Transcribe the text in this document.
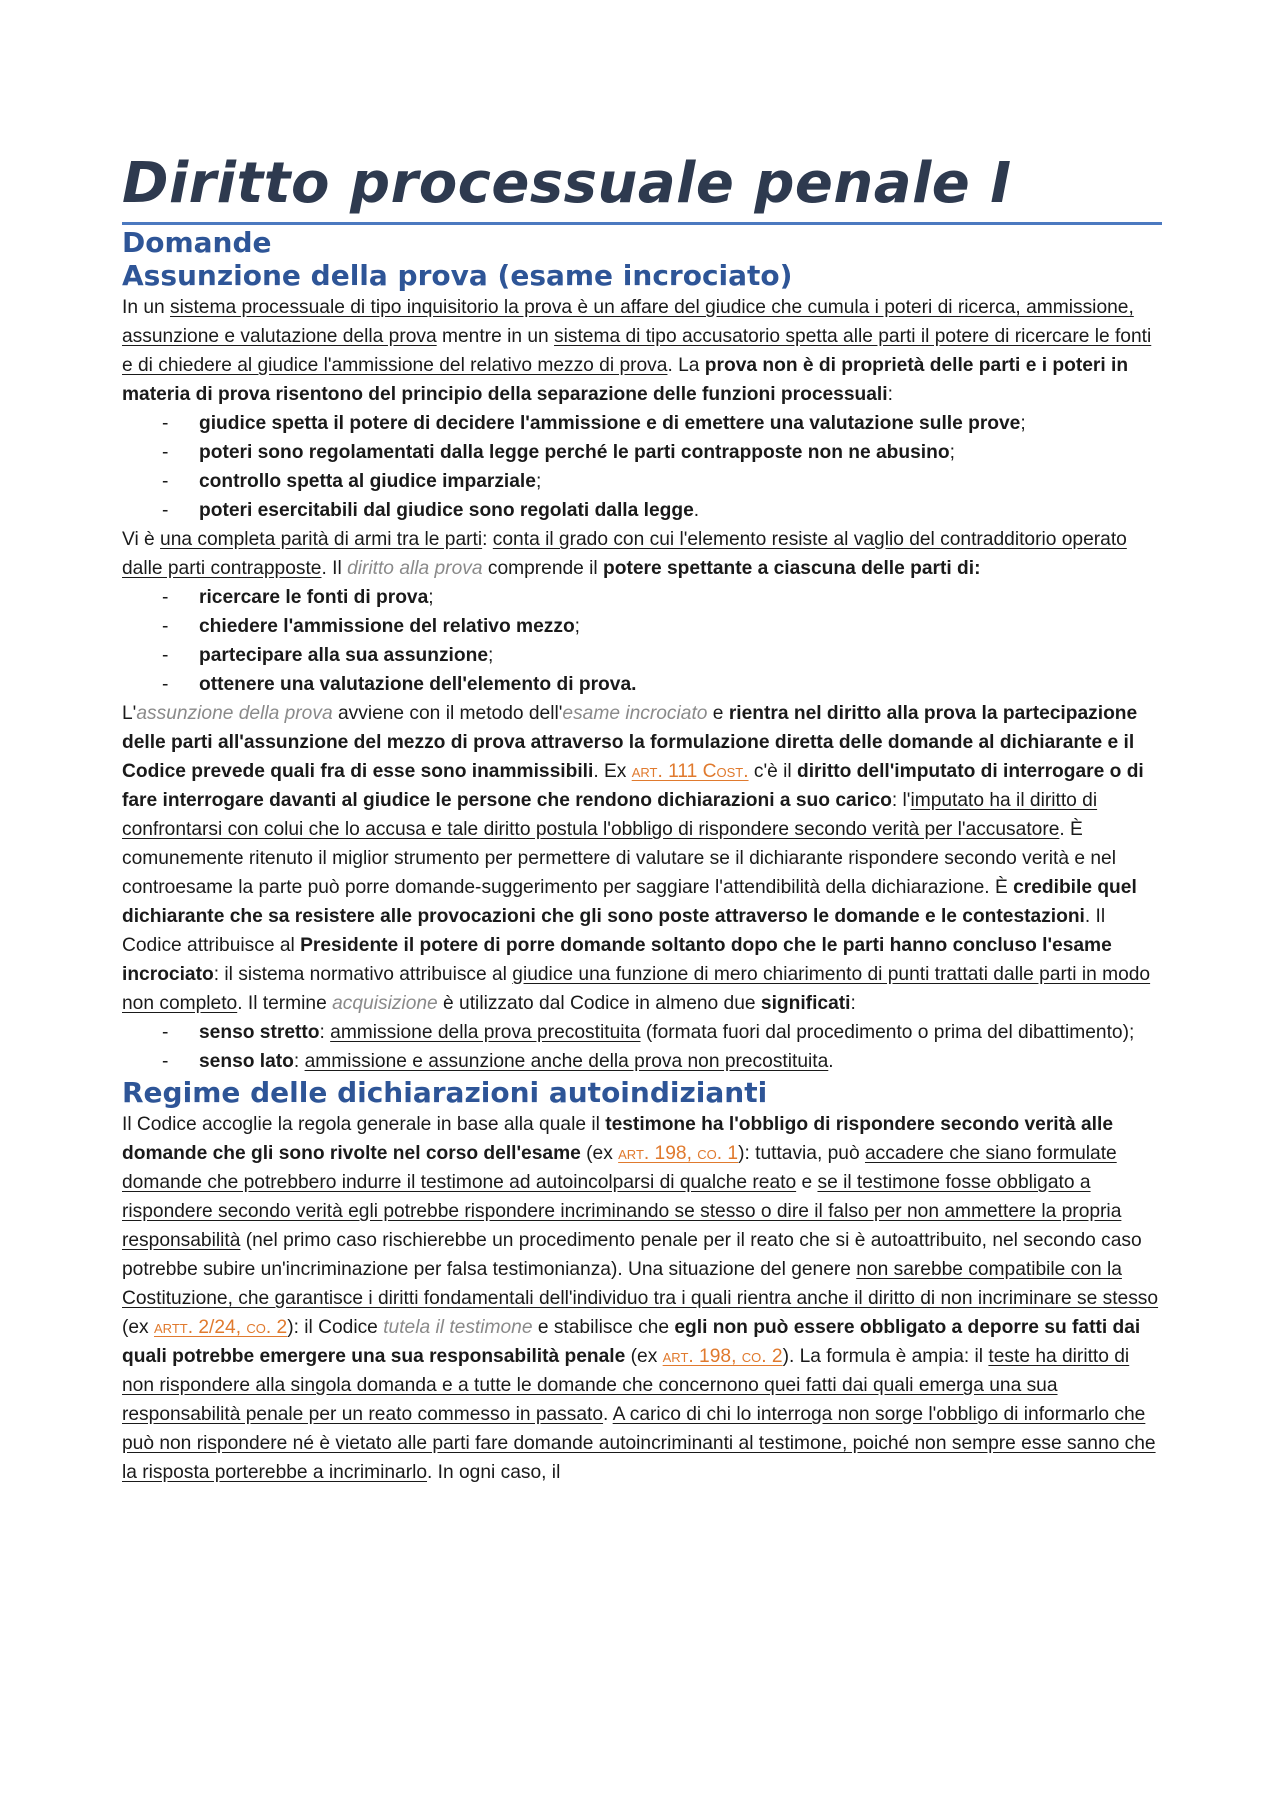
Diritto processuale penale I
Domande
Assunzione della prova (esame incrociato)

In un sistema processuale di tipo inquisitorio la prova è un affare del giudice che cumula i poteri di ricerca, ammissione, assunzione e valutazione della prova mentre in un sistema di tipo accusatorio spetta alle parti il potere di ricercare le fonti e di chiedere al giudice l'ammissione del relativo mezzo di prova. La prova non è di proprietà delle parti e i poteri in materia di prova risentono del principio della separazione delle funzioni processuali:

- giudice spetta il potere di decidere l'ammissione e di emettere una valutazione sulle prove;
- poteri sono regolamentati dalla legge perché le parti contrapposte non ne abusino;
- controllo spetta al giudice imparziale;
- poteri esercitabili dal giudice sono regolati dalla legge.

Vi è una completa parità di armi tra le parti: conta il grado con cui l'elemento resiste al vaglio del contradditorio operato dalle parti contrapposte. Il diritto alla prova comprende il potere spettante a ciascuna delle parti di:

- ricercare le fonti di prova;
- chiedere l'ammissione del relativo mezzo;
- partecipare alla sua assunzione;
- ottenere una valutazione dell'elemento di prova.

L'assunzione della prova avviene con il metodo dell'esame incrociato e rientra nel diritto alla prova la partecipazione delle parti all'assunzione del mezzo di prova attraverso la formulazione diretta delle domande al dichiarante e il Codice prevede quali fra di esse sono inammissibili. Ex art. 111 Cost. c'è il diritto dell'imputato di interrogare o di fare interrogare davanti al giudice le persone che rendono dichiarazioni a suo carico: l'imputato ha il diritto di confrontarsi con colui che lo accusa e tale diritto postula l'obbligo di rispondere secondo verità per l'accusatore. È comunemente ritenuto il miglior strumento per permettere di valutare se il dichiarante rispondere secondo verità e nel controesame la parte può porre domande-suggerimento per saggiare l'attendibilità della dichiarazione. È credibile quel dichiarante che sa resistere alle provocazioni che gli sono poste attraverso le domande e le contestazioni. Il Codice attribuisce al Presidente il potere di porre domande soltanto dopo che le parti hanno concluso l'esame incrociato: il sistema normativo attribuisce al giudice una funzione di mero chiarimento di punti trattati dalle parti in modo non completo. Il termine acquisizione è utilizzato dal Codice in almeno due significati:

- senso stretto: ammissione della prova precostituita (formata fuori dal procedimento o prima del dibattimento);
- senso lato: ammissione e assunzione anche della prova non precostituita.
Regime delle dichiarazioni autoindizianti

Il Codice accoglie la regola generale in base alla quale il testimone ha l'obbligo di rispondere secondo verità alle domande che gli sono rivolte nel corso dell'esame (ex art. 198, co. 1): tuttavia, può accadere che siano formulate domande che potrebbero indurre il testimone ad autoincolparsi di qualche reato e se il testimone fosse obbligato a rispondere secondo verità egli potrebbe rispondere incriminando se stesso o dire il falso per non ammettere la propria responsabilità (nel primo caso rischierebbe un procedimento penale per il reato che si è autoattribuito, nel secondo caso potrebbe subire un'incriminazione per falsa testimonianza). Una situazione del genere non sarebbe compatibile con la Costituzione, che garantisce i diritti fondamentali dell'individuo tra i quali rientra anche il diritto di non incriminare se stesso (ex artt. 2/24, co. 2): il Codice tutela il testimone e stabilisce che egli non può essere obbligato a deporre su fatti dai quali potrebbe emergere una sua responsabilità penale (ex art. 198, co. 2). La formula è ampia: il teste ha diritto di non rispondere alla singola domanda e a tutte le domande che concernono quei fatti dai quali emerga una sua responsabilità penale per un reato commesso in passato. A carico di chi lo interroga non sorge l'obbligo di informarlo che può non rispondere né è vietato alle parti fare domande autoincriminanti al testimone, poiché non sempre esse sanno che la risposta porterebbe a incriminarlo. In ogni caso, il
